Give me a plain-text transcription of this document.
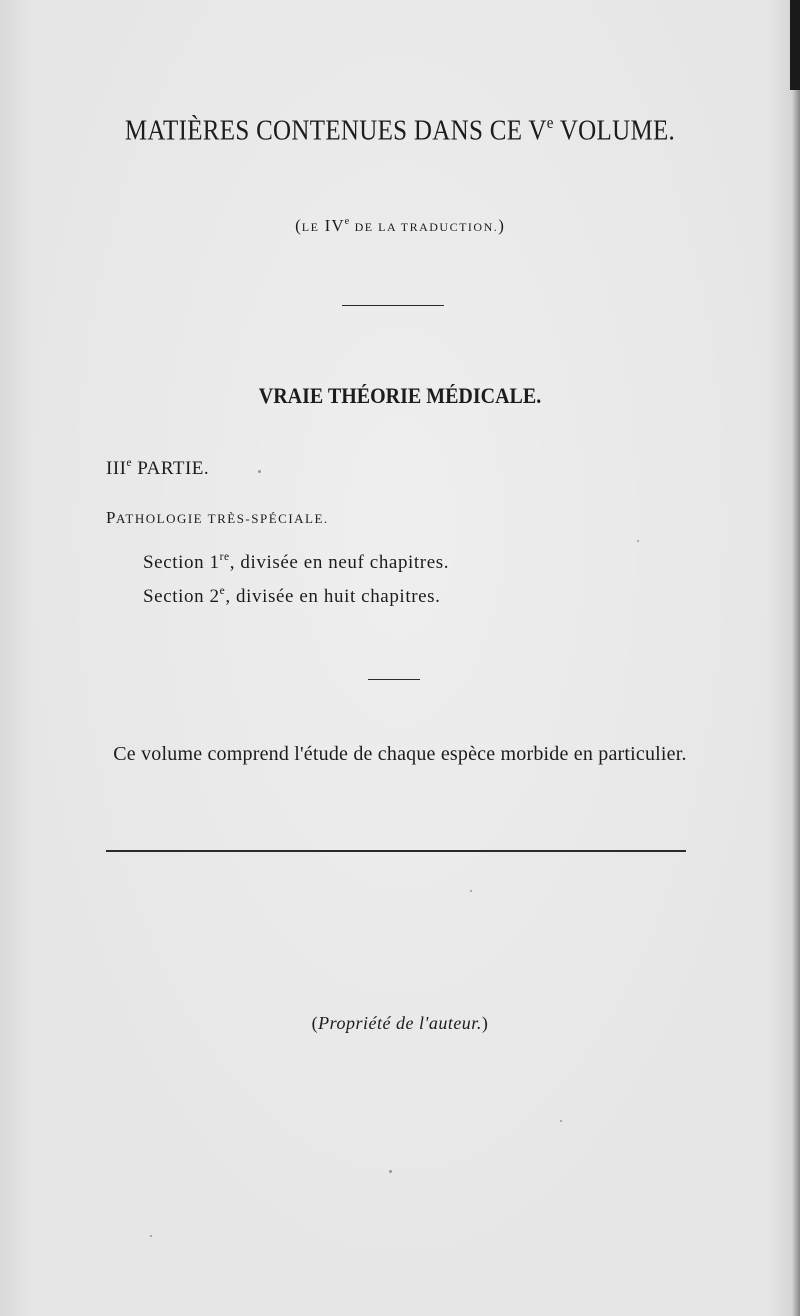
MATIÈRES CONTENUES DANS CE Ve VOLUME.
(LE IVe DE LA TRADUCTION.)
VRAIE THÉORIE MÉDICALE.
IIIe PARTIE.
PATHOLOGIE TRÈS-SPÉCIALE.
Section 1re, divisée en neuf chapitres.
Section 2e, divisée en huit chapitres.
Ce volume comprend l'étude de chaque espèce morbide en particulier.
(Propriété de l'auteur.)
